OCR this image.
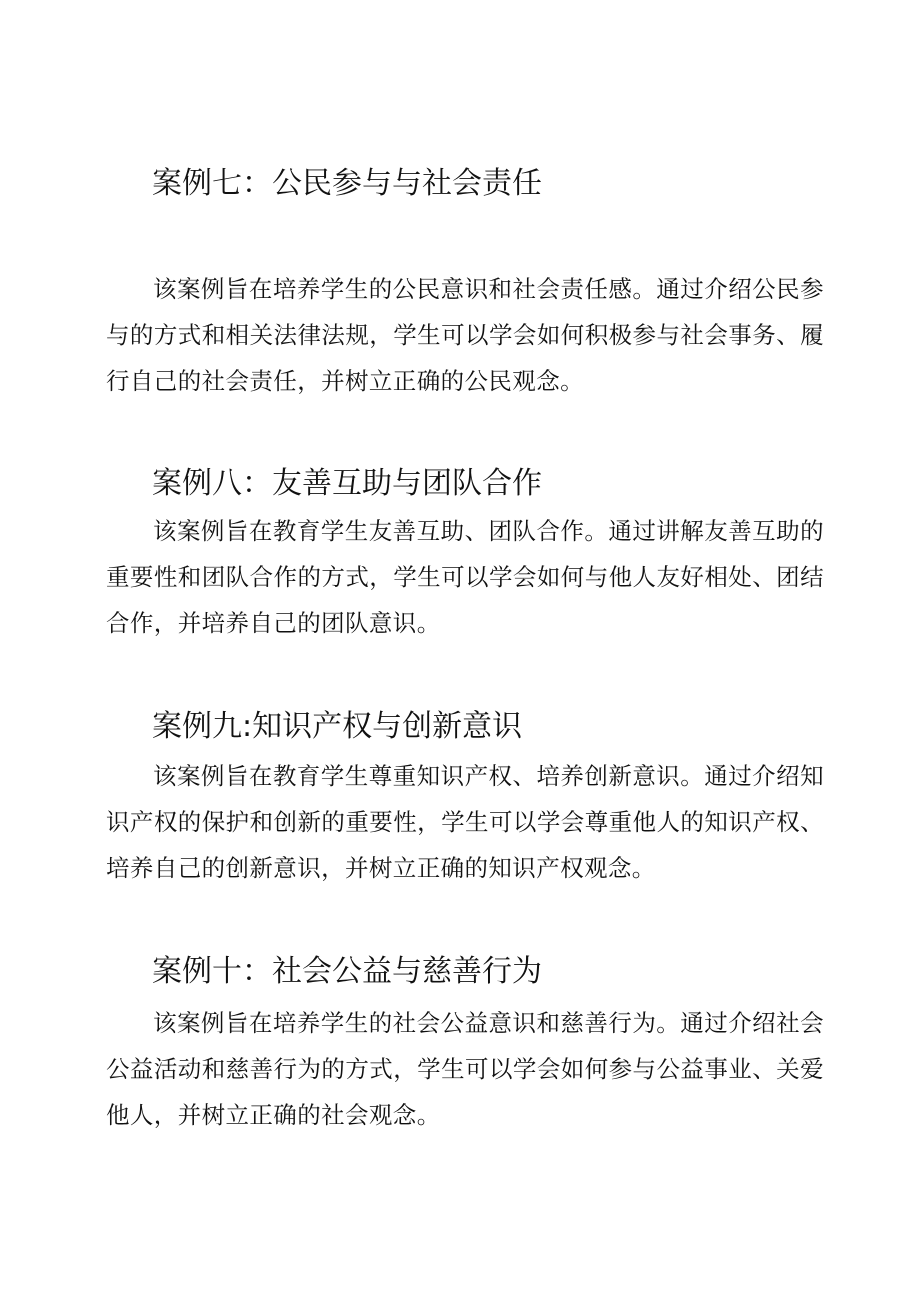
案例七：公民参与与社会责任

该案例旨在培养学生的公民意识和社会责任感。通过介绍公民参与的方式和相关法律法规，学生可以学会如何积极参与社会事务、履行自己的社会责任，并树立正确的公民观念。

案例八：友善互助与团队合作

该案例旨在教育学生友善互助、团队合作。通过讲解友善互助的重要性和团队合作的方式，学生可以学会如何与他人友好相处、团结合作，并培养自己的团队意识。

案例九:知识产权与创新意识

该案例旨在教育学生尊重知识产权、培养创新意识。通过介绍知识产权的保护和创新的重要性，学生可以学会尊重他人的知识产权、培养自己的创新意识，并树立正确的知识产权观念。

案例十：社会公益与慈善行为

该案例旨在培养学生的社会公益意识和慈善行为。通过介绍社会公益活动和慈善行为的方式，学生可以学会如何参与公益事业、关爱他人，并树立正确的社会观念。
